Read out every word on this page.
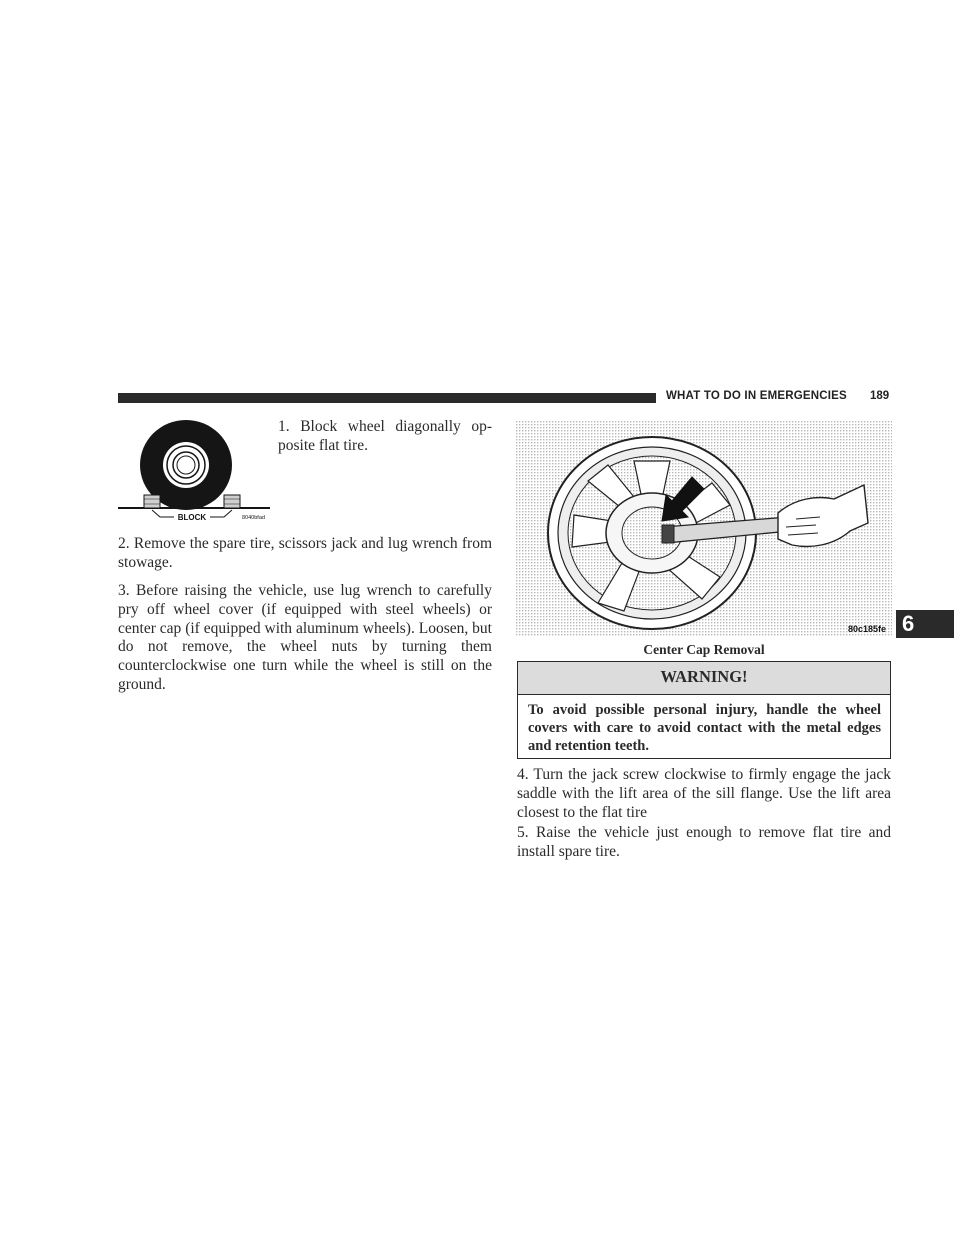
WHAT TO DO IN EMERGENCIES 189
6
BLOCK	8040bfad

1. Block wheel diagonally op-posite flat tire.

2. Remove the spare tire, scissors jack and lug wrench from stowage.

3. Before raising the vehicle, use lug wrench to carefully pry off wheel cover (if equipped with steel wheels) or center cap (if equipped with aluminum wheels). Loosen, but do not remove, the wheel nuts by turning them counterclockwise one turn while the wheel is still on the ground.

80c185fe
Center Cap Removal
WARNING!

To avoid possible personal injury, handle the wheel covers with care to avoid contact with the metal edges and retention teeth.

4. Turn the jack screw clockwise to firmly engage the jack saddle with the lift area of the sill flange. Use the lift area closest to the flat tire

5. Raise the vehicle just enough to remove flat tire and install spare tire.
